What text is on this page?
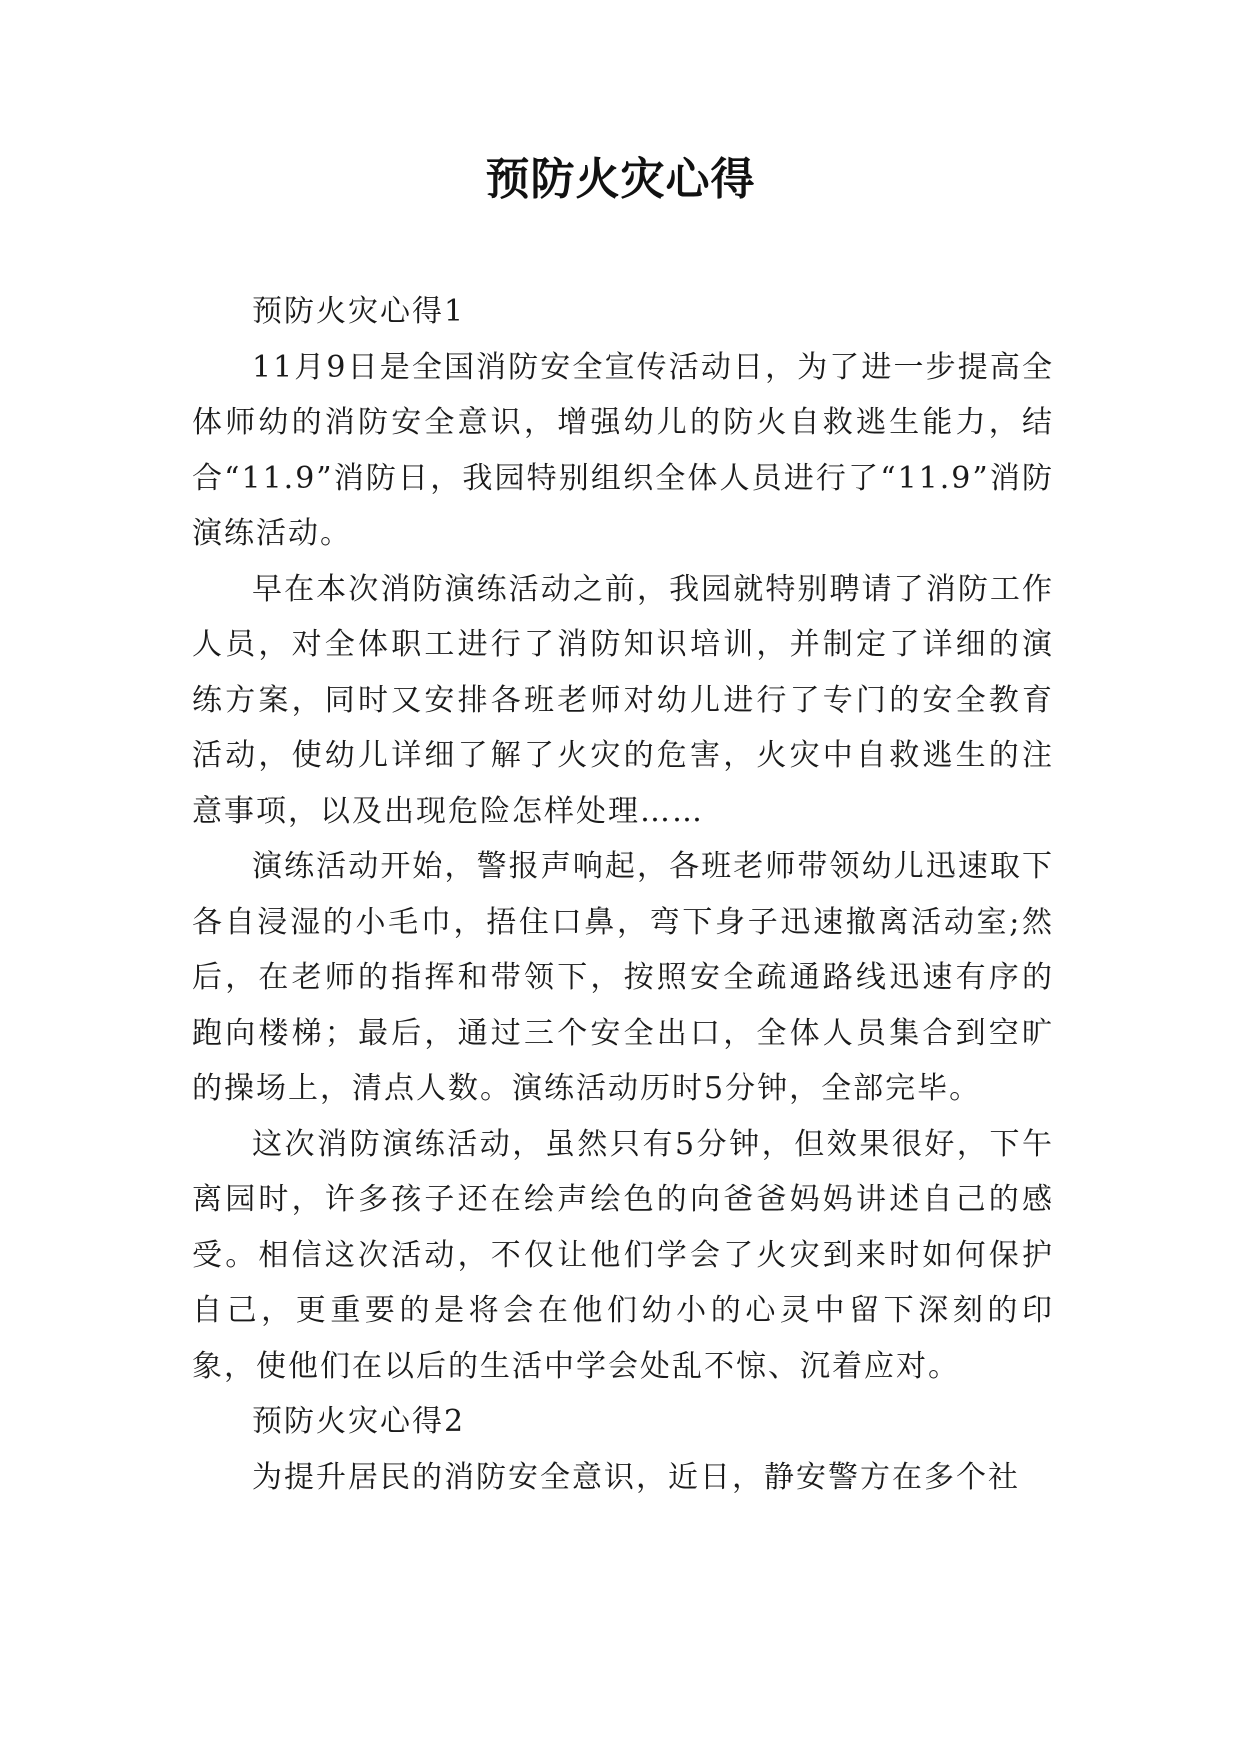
预防火灾心得

预防火灾心得1

11月9日是全国消防安全宣传活动日，为了进一步提高全体师幼的消防安全意识，增强幼儿的防火自救逃生能力，结合“11.9”消防日，我园特别组织全体人员进行了“11.9”消防演练活动。

早在本次消防演练活动之前，我园就特别聘请了消防工作人员，对全体职工进行了消防知识培训，并制定了详细的演练方案，同时又安排各班老师对幼儿进行了专门的安全教育活动，使幼儿详细了解了火灾的危害，火灾中自救逃生的注意事项，以及出现危险怎样处理……

演练活动开始，警报声响起，各班老师带领幼儿迅速取下各自浸湿的小毛巾，捂住口鼻，弯下身子迅速撤离活动室;然后，在老师的指挥和带领下，按照安全疏通路线迅速有序的跑向楼梯；最后，通过三个安全出口，全体人员集合到空旷的操场上，清点人数。演练活动历时5分钟，全部完毕。

这次消防演练活动，虽然只有5分钟，但效果很好，下午离园时，许多孩子还在绘声绘色的向爸爸妈妈讲述自己的感受。相信这次活动，不仅让他们学会了火灾到来时如何保护自己，更重要的是将会在他们幼小的心灵中留下深刻的印象，使他们在以后的生活中学会处乱不惊、沉着应对。

预防火灾心得2

为提升居民的消防安全意识，近日，静安警方在多个社
